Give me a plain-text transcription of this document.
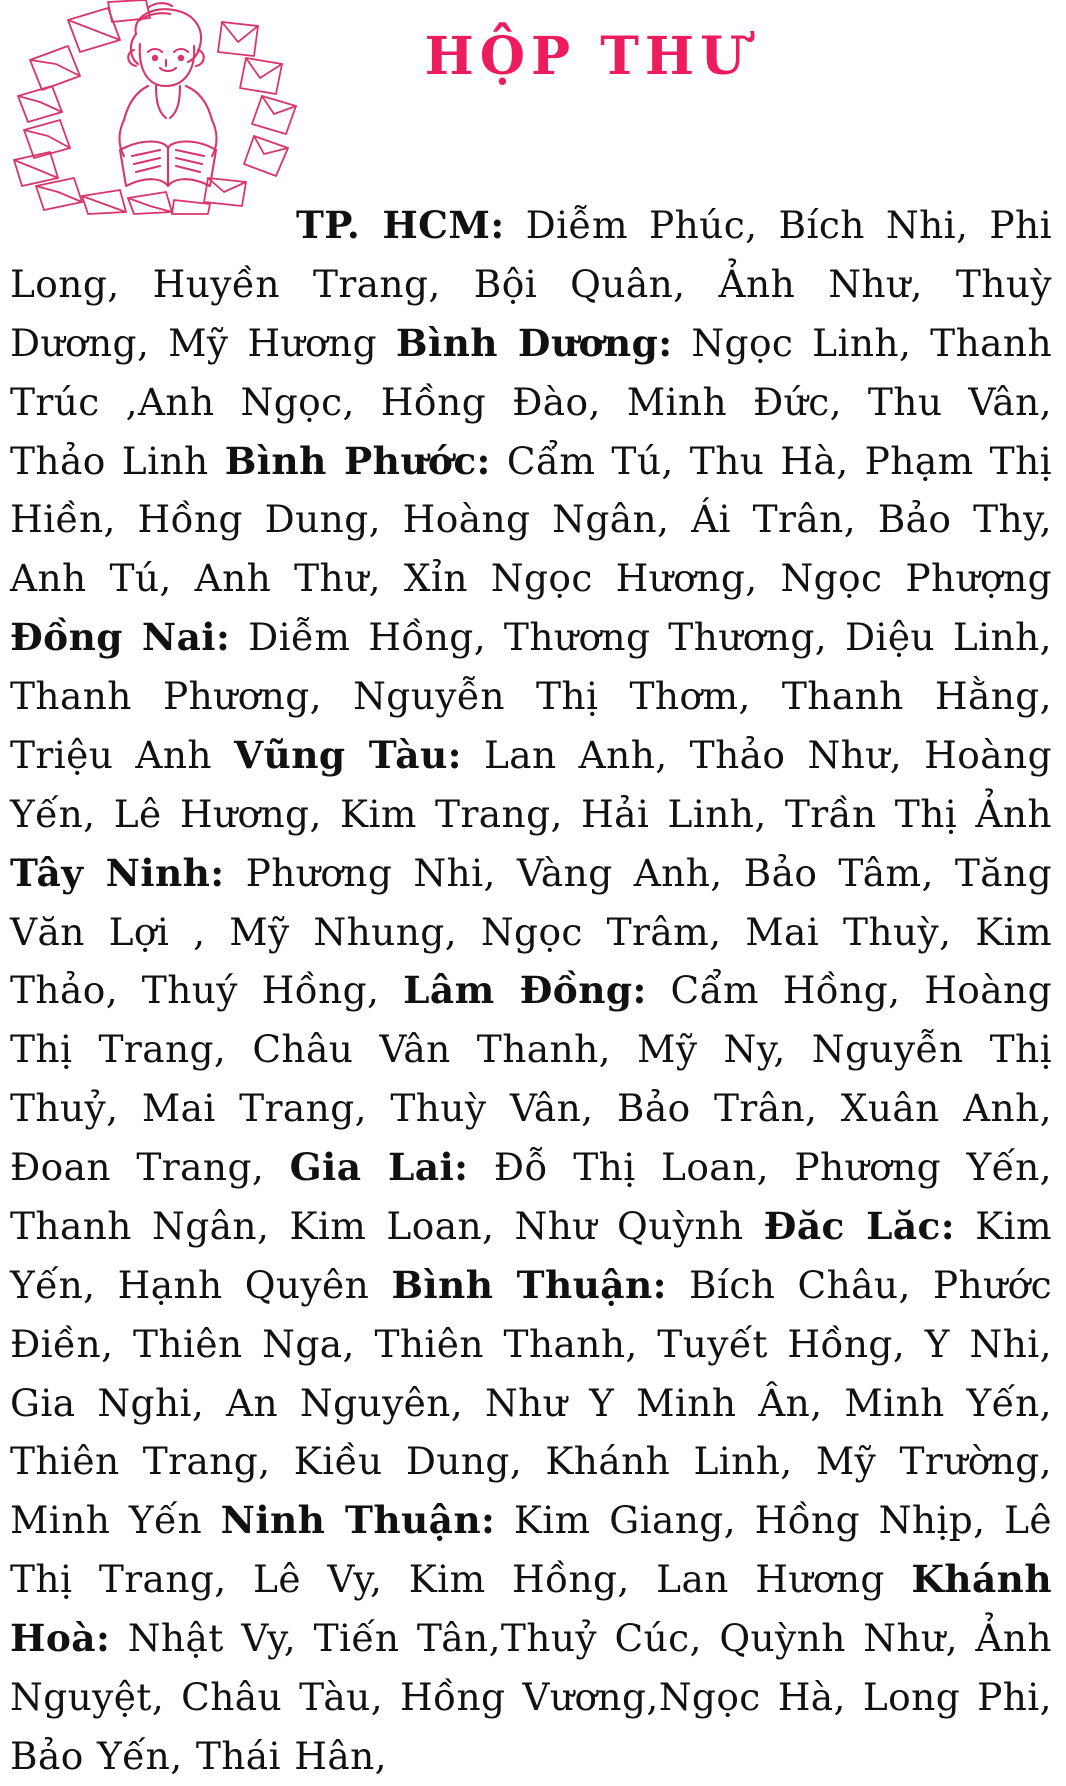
HỘP THƯ
TP. HCM: Diễm Phúc, Bích Nhi, Phi Long, Huyền Trang, Bội Quân, Ảnh Như, Thuỳ Dương, Mỹ Hương Bình Dương: Ngọc Linh, Thanh Trúc ,Anh Ngọc, Hồng Đào, Minh Đức, Thu Vân, Thảo Linh Bình Phước: Cẩm Tú, Thu Hà, Phạm Thị Hiền, Hồng Dung, Hoàng Ngân, Ái Trân, Bảo Thy, Anh Tú, Anh Thư, Xỉn Ngọc Hương, Ngọc Phượng Đồng Nai: Diễm Hồng, Thương Thương, Diệu Linh, Thanh Phương, Nguyễn Thị Thơm, Thanh Hằng, Triệu Anh Vũng Tàu: Lan Anh, Thảo Như, Hoàng Yến, Lê Hương, Kim Trang, Hải Linh, Trần Thị Ảnh Tây Ninh: Phương Nhi, Vàng Anh, Bảo Tâm, Tăng Văn Lợi , Mỹ Nhung, Ngọc Trâm, Mai Thuỳ, Kim Thảo, Thuý Hồng, Lâm Đồng: Cẩm Hồng, Hoàng Thị Trang, Châu Vân Thanh, Mỹ Ny, Nguyễn Thị Thuỷ, Mai Trang, Thuỳ Vân, Bảo Trân, Xuân Anh, Đoan Trang, Gia Lai: Đỗ Thị Loan, Phương Yến, Thanh Ngân, Kim Loan, Như Quỳnh Đăc Lăc: Kim Yến, Hạnh Quyên Bình Thuận: Bích Châu, Phước Điền, Thiên Nga, Thiên Thanh, Tuyết Hồng, Y Nhi, Gia Nghi, An Nguyên, Như Y Minh Ân, Minh Yến, Thiên Trang, Kiều Dung, Khánh Linh, Mỹ Trường, Minh Yến Ninh Thuận: Kim Giang, Hồng Nhịp, Lê Thị Trang, Lê Vy, Kim Hồng, Lan Hương Khánh Hoà: Nhật Vy, Tiến Tân,Thuỷ Cúc, Quỳnh Như, Ảnh Nguyệt, Châu Tàu, Hồng Vương,Ngọc Hà, Long Phi, Bảo Yến, Thái Hân,
